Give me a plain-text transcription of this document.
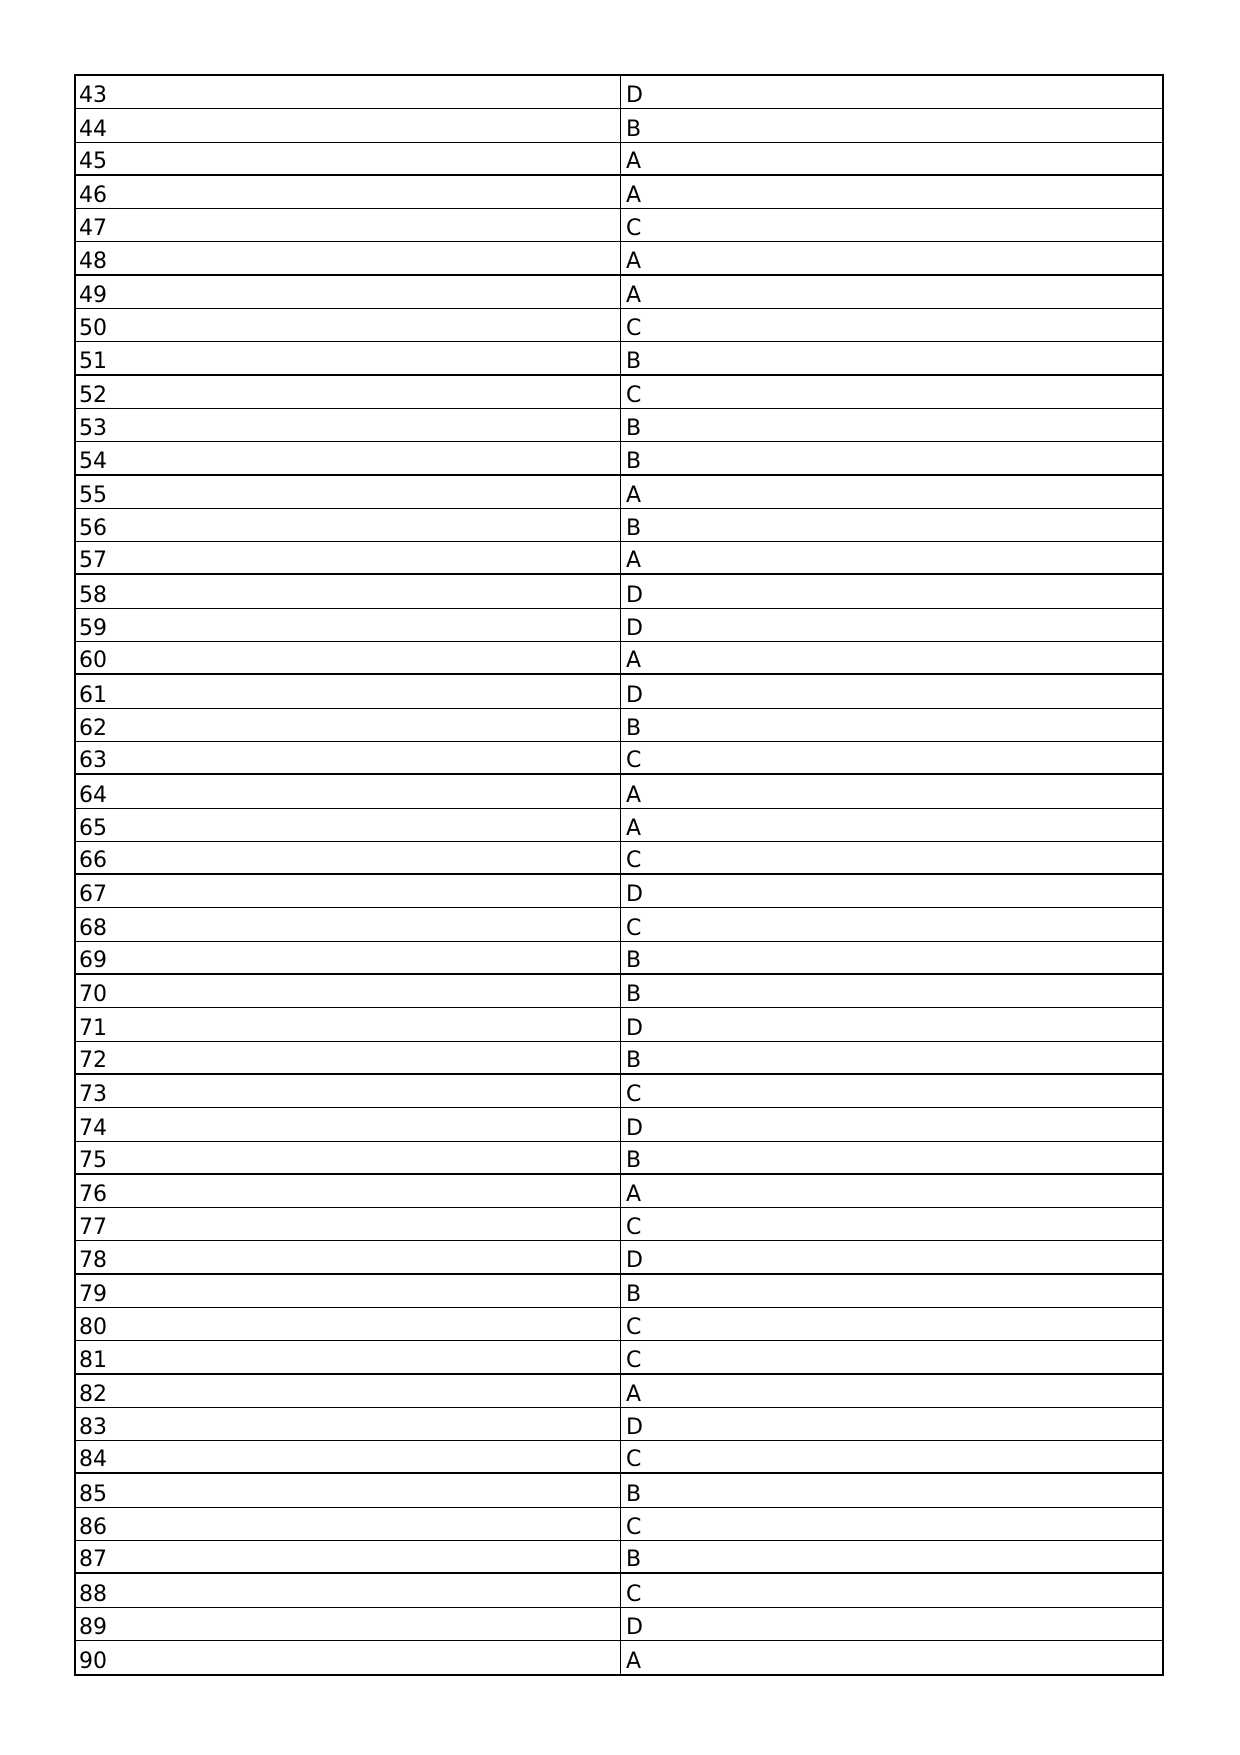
43	D
44	B
45	A
46	A
47	C
48	A
49	A
50	C
51	B
52	C
53	B
54	B
55	A
56	B
57	A
58	D
59	D
60	A
61	D
62	B
63	C
64	A
65	A
66	C
67	D
68	C
69	B
70	B
71	D
72	B
73	C
74	D
75	B
76	A
77	C
78	D
79	B
80	C
81	C
82	A
83	D
84	C
85	B
86	C
87	B
88	C
89	D
90	A
